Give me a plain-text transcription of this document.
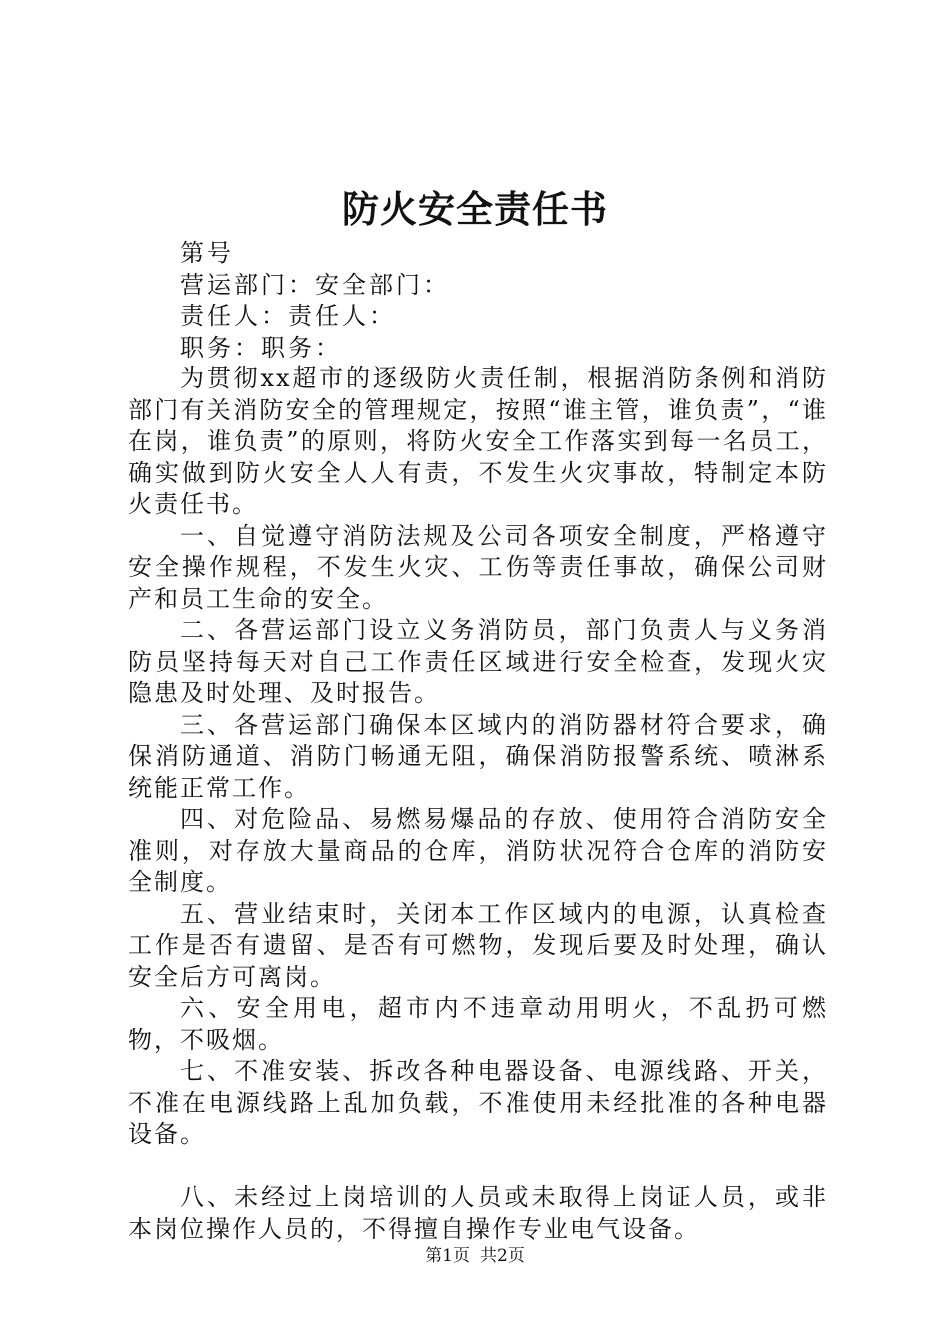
防火安全责任书
第号
营运部门：安全部门：
责任人：责任人：
职务：职务：

为贯彻xx超市的逐级防火责任制，根据消防条例和消防部门有关消防安全的管理规定，按照“谁主管，谁负责”，“谁在岗，谁负责”的原则，将防火安全工作落实到每一名员工，确实做到防火安全人人有责，不发生火灾事故，特制定本防火责任书。

一、自觉遵守消防法规及公司各项安全制度，严格遵守安全操作规程，不发生火灾、工伤等责任事故，确保公司财产和员工生命的安全。

二、各营运部门设立义务消防员，部门负责人与义务消防员坚持每天对自己工作责任区域进行安全检查，发现火灾隐患及时处理、及时报告。

三、各营运部门确保本区域内的消防器材符合要求，确保消防通道、消防门畅通无阻，确保消防报警系统、喷淋系统能正常工作。

四、对危险品、易燃易爆品的存放、使用符合消防安全准则，对存放大量商品的仓库，消防状况符合仓库的消防安全制度。

五、营业结束时，关闭本工作区域内的电源，认真检查工作是否有遗留、是否有可燃物，发现后要及时处理，确认安全后方可离岗。

六、安全用电，超市内不违章动用明火，不乱扔可燃物，不吸烟。

七、不准安装、拆改各种电器设备、电源线路、开关，不准在电源线路上乱加负载，不准使用未经批准的各种电器设备。

八、未经过上岗培训的人员或未取得上岗证人员，或非本岗位操作人员的，不得擅自操作专业电气设备。

第1页 共2页
